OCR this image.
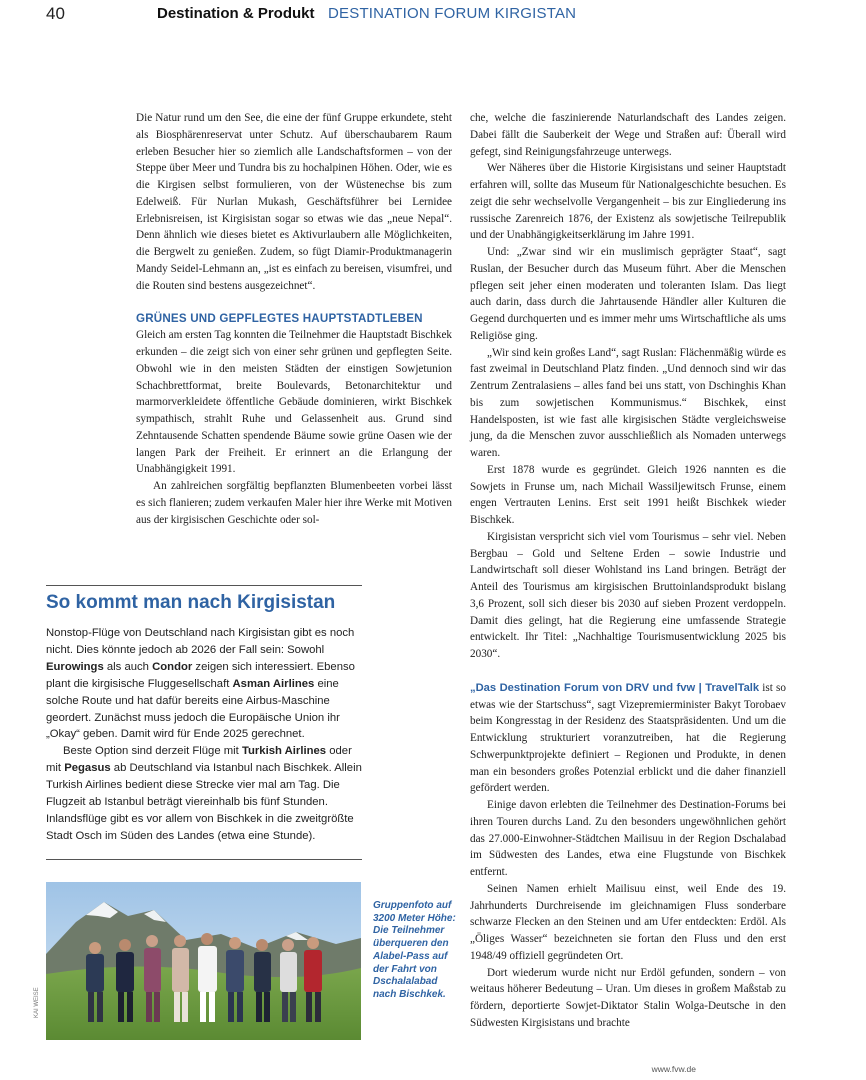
40	Destination & Produkt DESTINATION FORUM KIRGISTAN

Die Natur rund um den See, die eine der fünf Gruppe erkundete, steht als Biosphärenreservat unter Schutz. Auf überschaubarem Raum erleben Besucher hier so ziemlich alle Landschaftsformen – von der Steppe über Meer und Tundra bis zu hochalpinen Höhen. Oder, wie es die Kirgisen selbst formulieren, von der Wüstenechse bis zum Edelweiß. Für Nurlan Mukash, Geschäftsführer bei Lernidee Erlebnisreisen, ist Kirgisistan sogar so etwas wie das „neue Nepal“. Denn ähnlich wie dieses bietet es Aktivurlaubern alle Möglichkeiten, die Bergwelt zu genießen. Zudem, so fügt Diamir-Produktmanagerin Mandy Seidel-Lehmann an, „ist es einfach zu bereisen, visumfrei, und die Routen sind bestens ausgezeichnet“.

GRÜNES UND GEPFLEGTES HAUPTSTADTLEBEN

Gleich am ersten Tag konnten die Teilnehmer die Hauptstadt Bischkek erkunden – die zeigt sich von einer sehr grünen und gepflegten Seite. Obwohl wie in den meisten Städten der einstigen Sowjetunion Schachbrettformat, breite Boulevards, Betonarchitektur und marmorverkleidete öffentliche Gebäude dominieren, wirkt Bischkek sympathisch, strahlt Ruhe und Gelassenheit aus. Grund sind Zehntausende Schatten spendende Bäume sowie grüne Oasen wie der langen Park der Freiheit. Er erinnert an die Erlangung der Unabhängigkeit 1991.

An zahlreichen sorgfältig bepflanzten Blumenbeeten vorbei lässt es sich flanieren; zudem verkaufen Maler hier ihre Werke mit Motiven aus der kirgisischen Geschichte oder sol-

che, welche die faszinierende Naturlandschaft des Landes zeigen. Dabei fällt die Sauberkeit der Wege und Straßen auf: Überall wird gefegt, sind Reinigungsfahrzeuge unterwegs.

Wer Näheres über die Historie Kirgisistans und seiner Hauptstadt erfahren will, sollte das Museum für Nationalgeschichte besuchen. Es zeigt die sehr wechselvolle Vergangenheit – bis zur Eingliederung ins russische Zarenreich 1876, der Existenz als sowjetische Teilrepublik und der Unabhängigkeitserklärung im Jahre 1991.

Und: „Zwar sind wir ein muslimisch geprägter Staat“, sagt Ruslan, der Besucher durch das Museum führt. Aber die Menschen pflegen seit jeher einen moderaten und toleranten Islam. Das liegt auch darin, dass durch die Jahrtausende Händler aller Kulturen die Gegend durchquerten und es immer mehr ums Wirtschaftliche als ums Religiöse ging.

„Wir sind kein großes Land“, sagt Ruslan: Flächenmäßig würde es fast zweimal in Deutschland Platz finden. „Und dennoch sind wir das Zentrum Zentralasiens – alles fand bei uns statt, von Dschinghis Khan bis zum sowjetischen Kommunismus.“ Bischkek, einst Handelsposten, ist wie fast alle kirgisischen Städte vergleichsweise jung, da die Menschen zuvor ausschließlich als Nomaden unterwegs waren.

Erst 1878 wurde es gegründet. Gleich 1926 nannten es die Sowjets in Frunse um, nach Michail Wassiljewitsch Frunse, einem engen Vertrauten Lenins. Erst seit 1991 heißt Bischkek wieder Bischkek.

Kirgisistan verspricht sich viel vom Tourismus – sehr viel. Neben Bergbau – Gold und Seltene Erden – sowie Industrie und Landwirtschaft soll dieser Wohlstand ins Land bringen. Beträgt der Anteil des Tourismus am kirgisischen Bruttoinlandsprodukt bislang 3,6 Prozent, soll sich dieser bis 2030 auf sieben Prozent verdoppeln. Damit dies gelingt, hat die Regierung eine umfassende Strategie entwickelt. Ihr Titel: „Nachhaltige Tourismusentwicklung 2025 bis 2030“.

„Das Destination Forum von DRV und fvw | TravelTalk ist so etwas wie der Startschuss“, sagt Vizepremierminister Bakyt Torobaev beim Kongresstag in der Residenz des Staatspräsidenten. Und um die Entwicklung strukturiert voranzutreiben, hat die Regierung Schwerpunktprojekte definiert – Regionen und Produkte, in denen man ein besonders großes Potenzial erblickt und die daher finanziell gefördert werden.

Einige davon erlebten die Teilnehmer des Destination-Forums bei ihren Touren durchs Land. Zu den besonders ungewöhnlichen gehört das 27.000-Einwohner-Städtchen Mailisuu in der Region Dschalabad im Südwesten des Landes, etwa eine Flugstunde von Bischkek entfernt.

Seinen Namen erhielt Mailisuu einst, weil Ende des 19. Jahrhunderts Durchreisende im gleichnamigen Fluss sonderbare schwarze Flecken an den Steinen und am Ufer entdeckten: Erdöl. Als „Öliges Wasser“ bezeichneten sie fortan den Fluss und den erst 1948/49 offiziell gegründeten Ort.

Dort wiederum wurde nicht nur Erdöl gefunden, sondern – von weitaus höherer Bedeutung – Uran. Um dieses in großem Maßstab zu fördern, deportierte Sowjet-Diktator Stalin Wolga-Deutsche in den Südwesten Kirgisistans und brachte

So kommt man nach Kirgisistan

Nonstop-Flüge von Deutschland nach Kirgisistan gibt es noch nicht. Dies könnte jedoch ab 2026 der Fall sein: Sowohl Eurowings als auch Condor zeigen sich interessiert. Ebenso plant die kirgisische Fluggesellschaft Asman Airlines eine solche Route und hat dafür bereits eine Airbus-Maschine geordert. Zunächst muss jedoch die Europäische Union ihr „Okay“ geben. Damit wird für Ende 2025 gerechnet.

Beste Option sind derzeit Flüge mit Turkish Airlines oder mit Pegasus ab Deutschland via Istanbul nach Bischkek. Allein Turkish Airlines bedient diese Strecke vier mal am Tag. Die Flugzeit ab Istanbul beträgt viereinhalb bis fünf Stunden. Inlandsflüge gibt es vor allem von Bischkek in die zweitgrößte Stadt Osch im Süden des Landes (etwa eine Stunde).

KAI WEISE
Gruppenfoto auf 3200 Meter Höhe: Die Teilnehmer überqueren den Alabel-Pass auf der Fahrt von Dschalalabad nach Bischkek.
www.fvw.de
